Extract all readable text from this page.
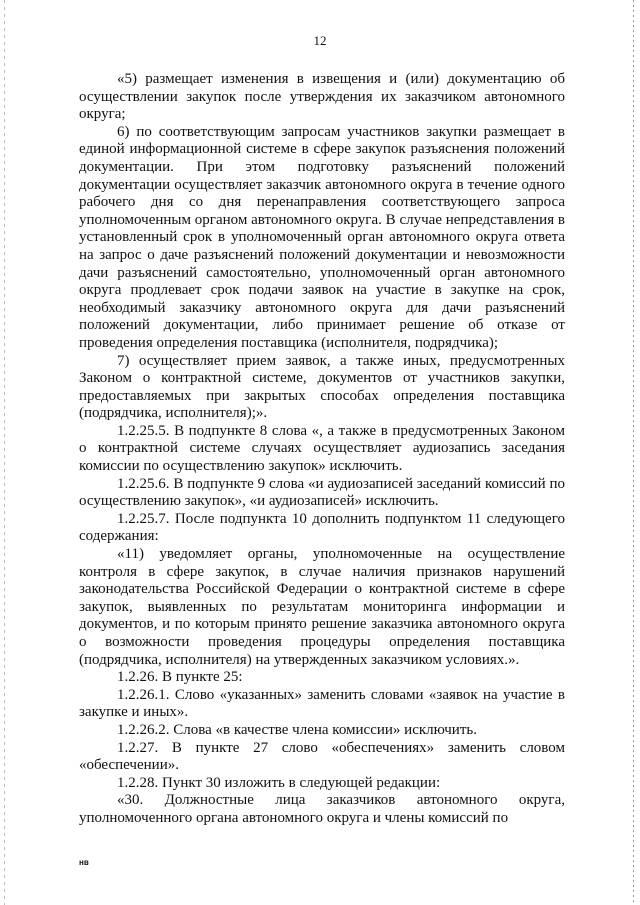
12

«5) размещает изменения в извещения и (или) документацию об осуществлении закупок после утверждения их заказчиком автономного округа;

6) по соответствующим запросам участников закупки размещает в единой информационной системе в сфере закупок разъяснения положений документации. При этом подготовку разъяснений положений документации осуществляет заказчик автономного округа в течение одного рабочего дня со дня перенаправления соответствующего запроса уполномоченным органом автономного округа. В случае непредставления в установленный срок в уполномоченный орган автономного округа ответа на запрос о даче разъяснений положений документации и невозможности дачи разъяснений самостоятельно, уполномоченный орган автономного округа продлевает срок подачи заявок на участие в закупке на срок, необходимый заказчику автономного округа для дачи разъяснений положений документации, либо принимает решение об отказе от проведения определения поставщика (исполнителя, подрядчика);

7) осуществляет прием заявок, а также иных, предусмотренных Законом о контрактной системе, документов от участников закупки, предоставляемых при закрытых способах определения поставщика (подрядчика, исполнителя);».

1.2.25.5. В подпункте 8 слова «, а также в предусмотренных Законом о контрактной системе случаях осуществляет аудиозапись заседания комиссии по осуществлению закупок» исключить.

1.2.25.6. В подпункте 9 слова «и аудиозаписей заседаний комиссий по осуществлению закупок», «и аудиозаписей» исключить.

1.2.25.7. После подпункта 10 дополнить подпунктом 11 следующего содержания:

«11) уведомляет органы, уполномоченные на осуществление контроля в сфере закупок, в случае наличия признаков нарушений законодательства Российской Федерации о контрактной системе в сфере закупок, выявленных по результатам мониторинга информации и документов, и по которым принято решение заказчика автономного округа о возможности проведения процедуры определения поставщика (подрядчика, исполнителя) на утвержденных заказчиком условиях.».

1.2.26. В пункте 25:

1.2.26.1. Слово «указанных» заменить словами «заявок на участие в закупке и иных».

1.2.26.2. Слова «в качестве члена комиссии» исключить.

1.2.27. В пункте 27 слово «обеспечениях» заменить словом «обеспечении».

1.2.28. Пункт 30 изложить в следующей редакции:

«30. Должностные лица заказчиков автономного округа, уполномоченного органа автономного округа и члены комиссий по

нв
